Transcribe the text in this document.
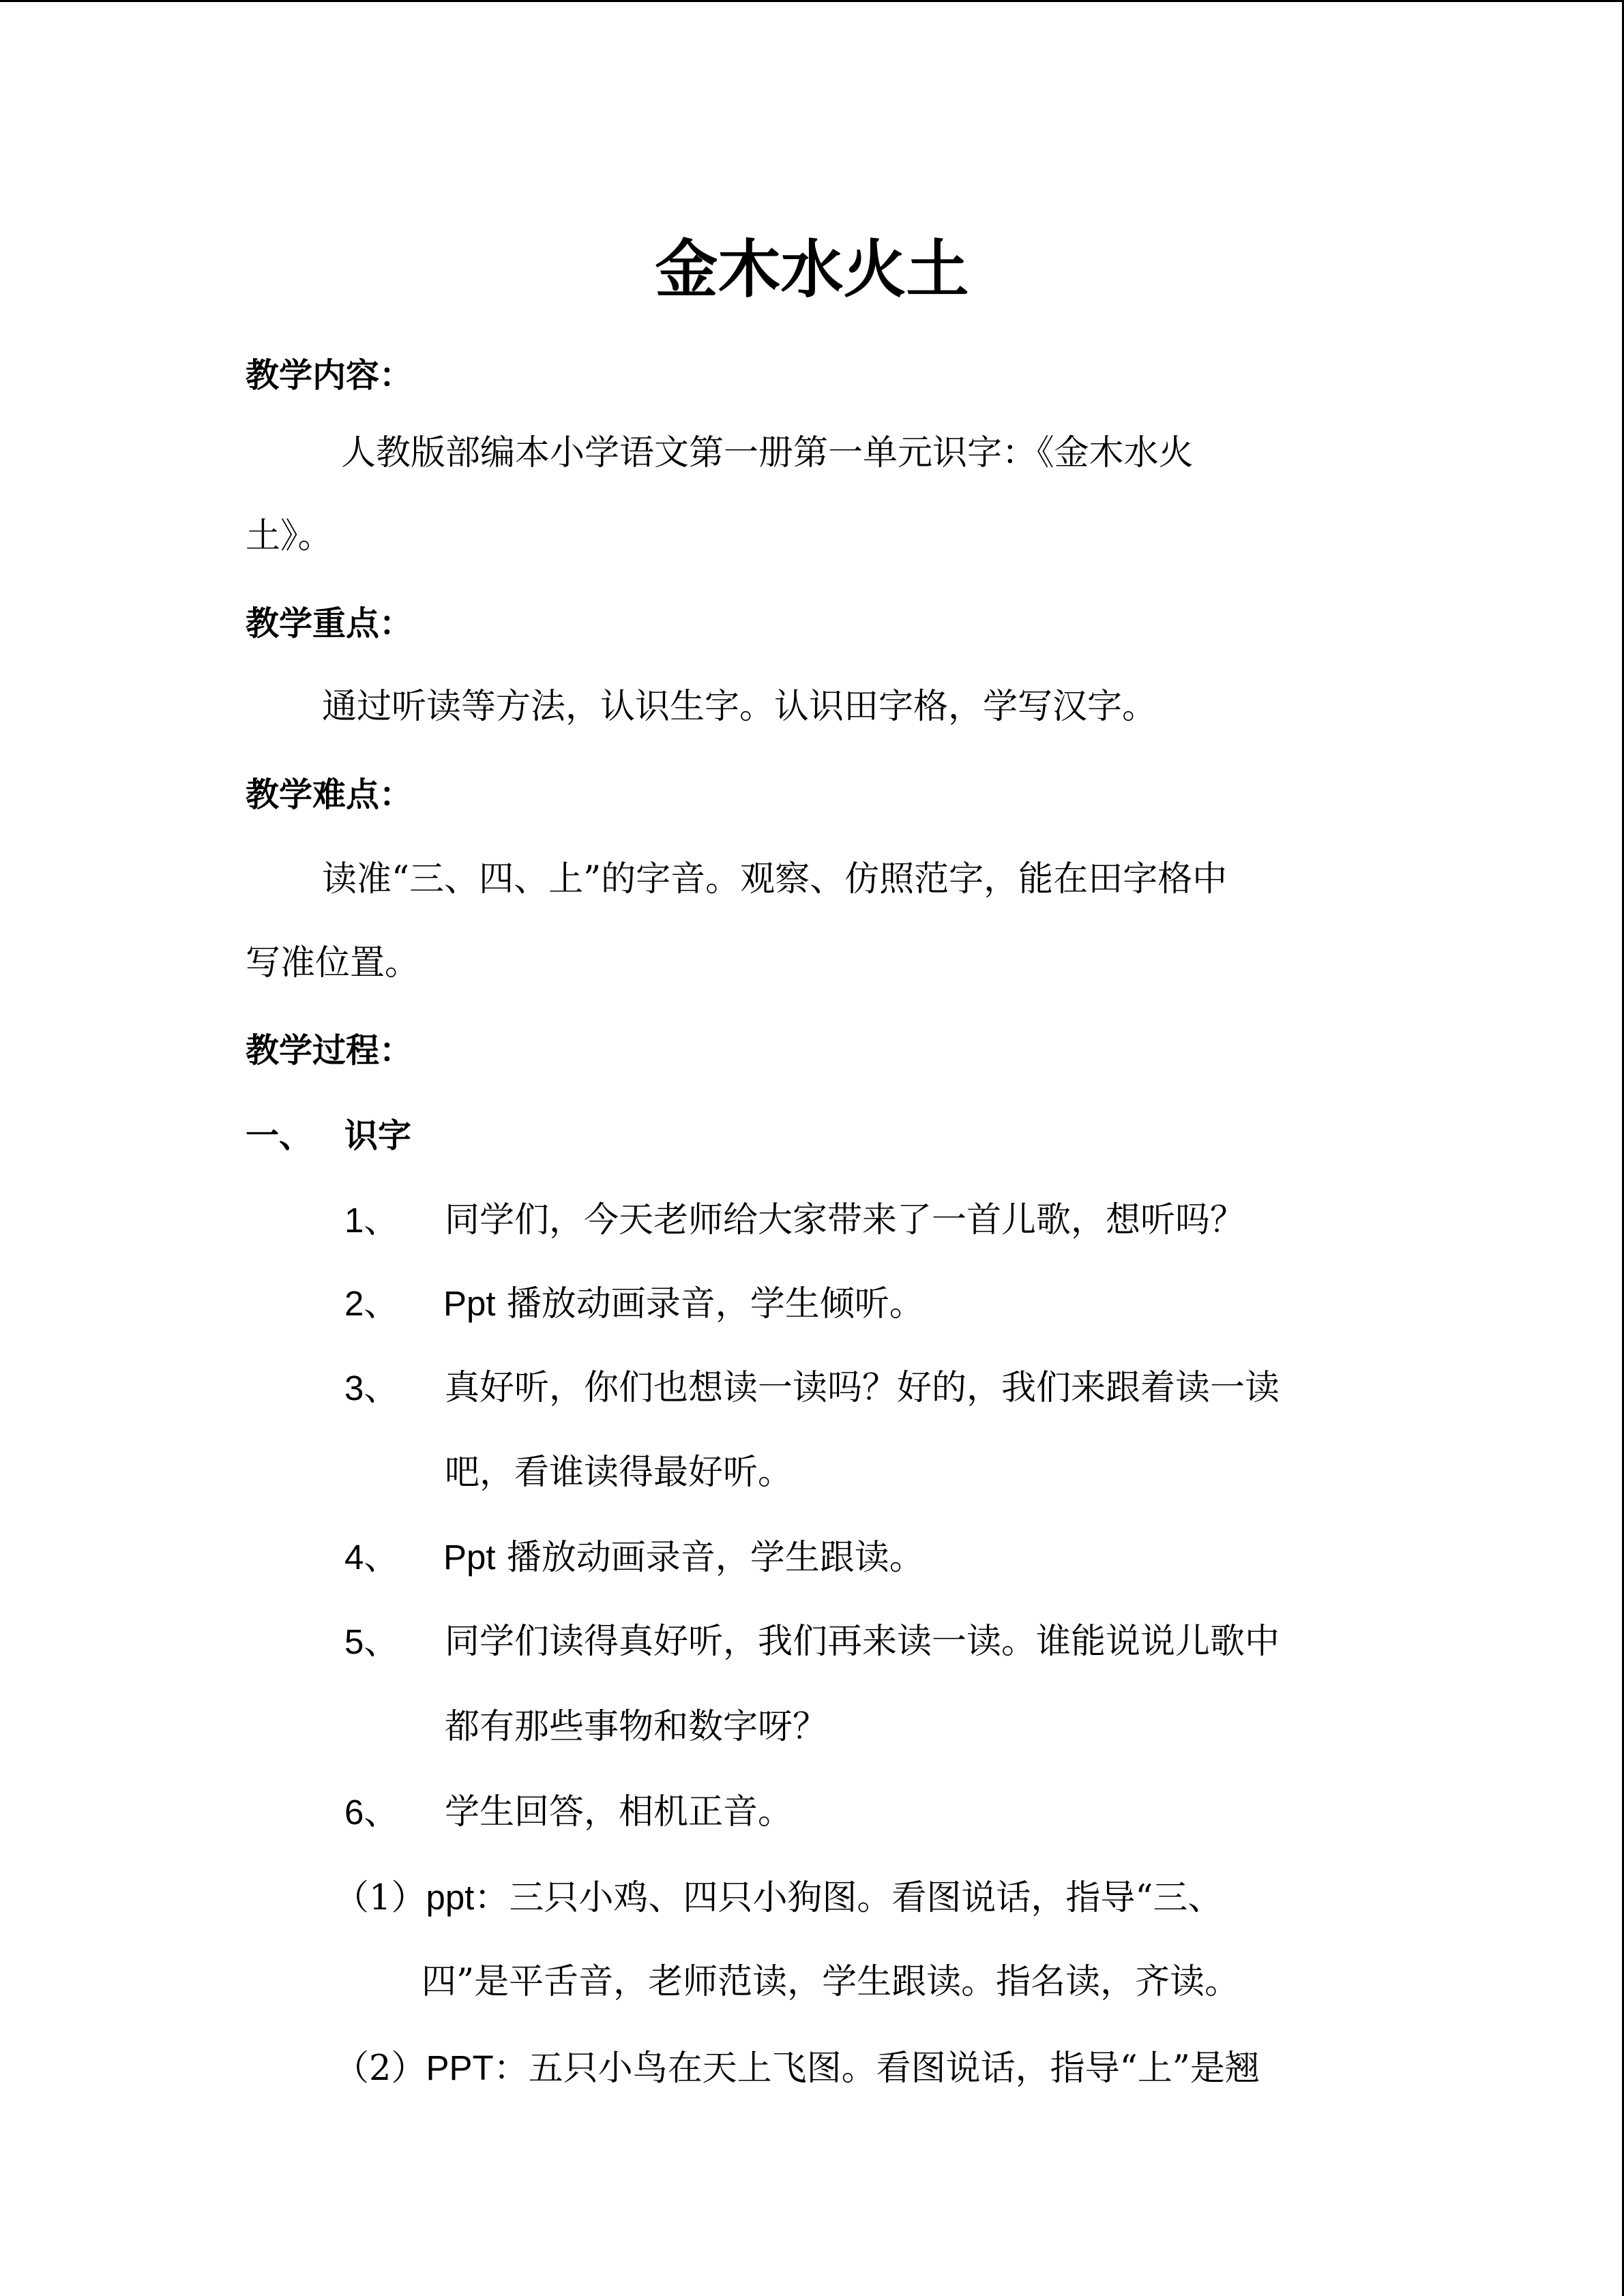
金木水火土
教学内容：
人教版部编本小学语文第一册第一单元识字：《金木水火
土》。
教学重点：
通过听读等方法，认识生字。认识田字格，学写汉字。
教学难点：
读准“三、四、上”的字音。观察、仿照范字，能在田字格中
写准位置。
教学过程：
一、 识字
1、 同学们，今天老师给大家带来了一首儿歌，想听吗？
2、 Ppt 播放动画录音，学生倾听。
3、 真好听，你们也想读一读吗？好的，我们来跟着读一读
吧，看谁读得最好听。
4、 Ppt 播放动画录音，学生跟读。
5、 同学们读得真好听，我们再来读一读。谁能说说儿歌中
都有那些事物和数字呀？
6、 学生回答，相机正音。
（1）ppt：三只小鸡、四只小狗图。看图说话，指导“三、
四”是平舌音，老师范读，学生跟读。指名读，齐读。
（2）PPT：五只小鸟在天上飞图。看图说话，指导“上”是翘
